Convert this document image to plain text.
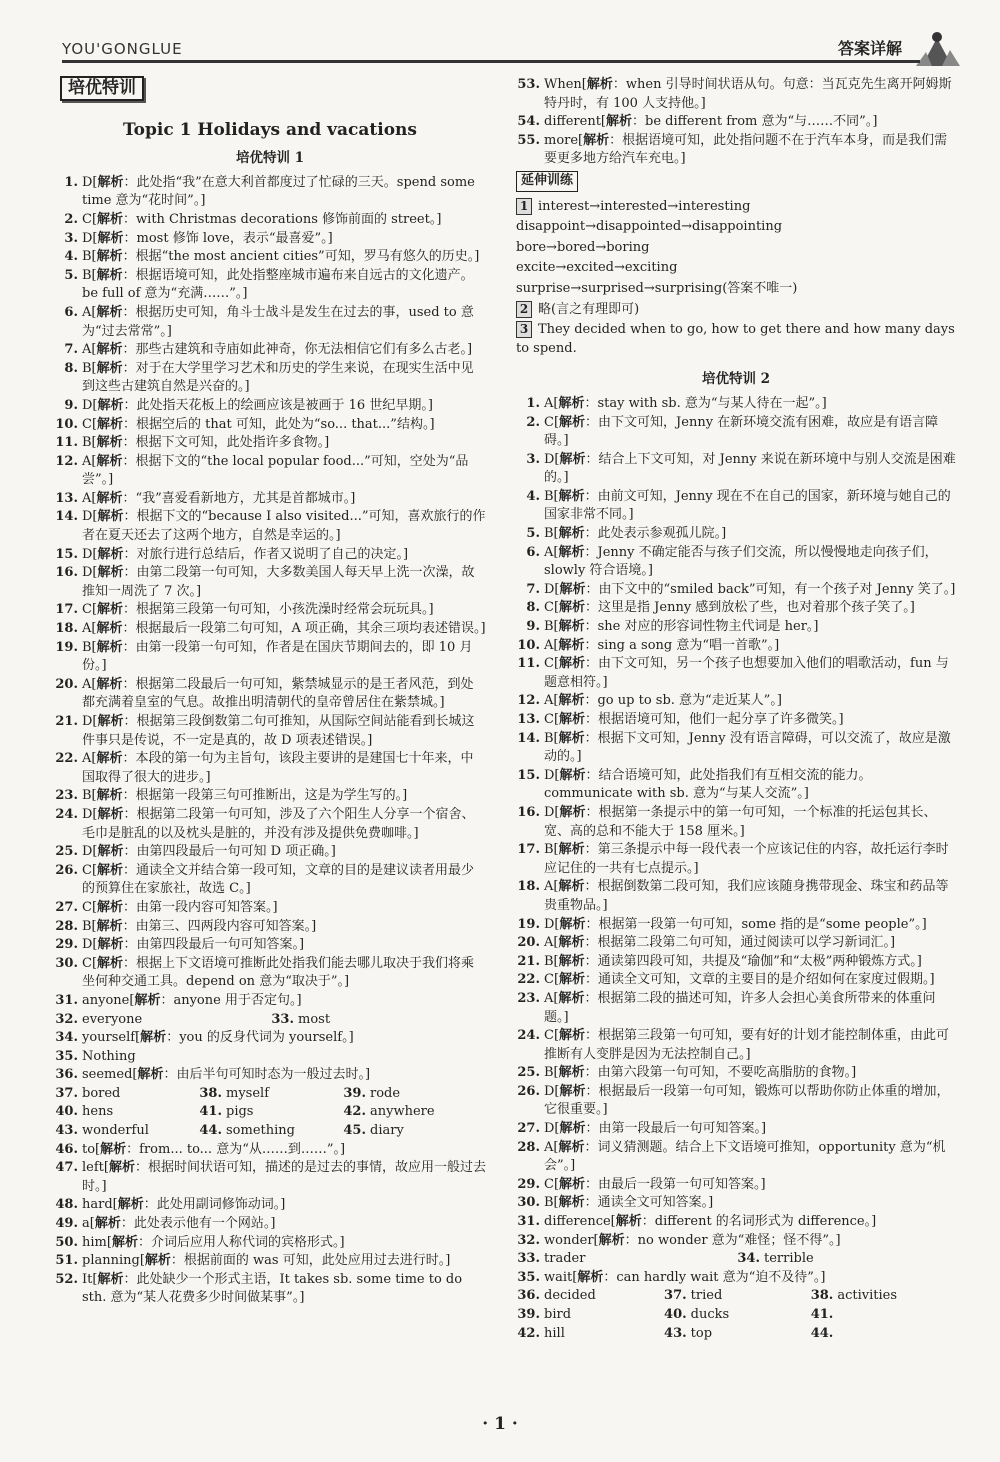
YOU'GONGLUE	答案详解
培优特训
Topic 1 Holidays and vacations
培优特训 1
1. D[解析：此处指“我”在意大利首都度过了忙碌的三天。spend some time 意为“花时间”。]
2. C[解析：with Christmas decorations 修饰前面的 street。]
3. D[解析：most 修饰 love，表示“最喜爱”。]
4. B[解析：根据“the most ancient cities”可知，罗马有悠久的历史。]
5. B[解析：根据语境可知，此处指整座城市遍布来自远古的文化遗产。be full of 意为“充满……”。]
6. A[解析：根据历史可知，角斗士战斗是发生在过去的事，used to 意为“过去常常”。]
7. A[解析：那些古建筑和寺庙如此神奇，你无法相信它们有多么古老。]
8. B[解析：对于在大学里学习艺术和历史的学生来说，在现实生活中见到这些古建筑自然是兴奋的。]
9. D[解析：此处指天花板上的绘画应该是被画于 16 世纪早期。]
10. C[解析：根据空后的 that 可知，此处为“so... that...”结构。]
11. B[解析：根据下文可知，此处指许多食物。]
12. A[解析：根据下文的“the local popular food...”可知，空处为“品尝”。]
13. A[解析：“我”喜爱看新地方，尤其是首都城市。]
14. D[解析：根据下文的“because I also visited...”可知，喜欢旅行的作者在夏天还去了这两个地方，自然是幸运的。]
15. D[解析：对旅行进行总结后，作者又说明了自己的决定。]
16. D[解析：由第二段第一句可知，大多数美国人每天早上洗一次澡，故推知一周洗了 7 次。]
17. C[解析：根据第三段第一句可知，小孩洗澡时经常会玩玩具。]
18. A[解析：根据最后一段第二句可知，A 项正确，其余三项均表述错误。]
19. B[解析：由第一段第一句可知，作者是在国庆节期间去的，即 10 月份。]
20. A[解析：根据第二段最后一句可知，紫禁城显示的是王者风范，到处都充满着皇室的气息。故推出明清朝代的皇帝曾居住在紫禁城。]
21. D[解析：根据第三段倒数第二句可推知，从国际空间站能看到长城这件事只是传说，不一定是真的，故 D 项表述错误。]
22. A[解析：本段的第一句为主旨句，该段主要讲的是建国七十年来，中国取得了很大的进步。]
23. B[解析：根据第一段第三句可推断出，这是为学生写的。]
24. D[解析：根据第二段第一句可知，涉及了六个阳生人分享一个宿舍、毛巾是脏乱的以及枕头是脏的，并没有涉及提供免费咖啡。]
25. D[解析：由第四段最后一句可知 D 项正确。]
26. C[解析：通读全文并结合第一段可知，文章的目的是建议读者用最少的预算住在家旅社，故选 C。]
27. C[解析：由第一段内容可知答案。]
28. B[解析：由第三、四两段内容可知答案。]
29. D[解析：由第四段最后一句可知答案。]
30. C[解析：根据上下文语境可推断此处指我们能去哪儿取决于我们将乘坐何种交通工具。depend on 意为“取决于”。]
31. anyone[解析：anyone 用于否定句。]
32. everyone	33. most
34. yourself[解析：you 的反身代词为 yourself。]
35. Nothing
36. seemed[解析：由后半句可知时态为一般过去时。]
37. bored	38. myself	39. rode
40. hens	41. pigs	42. anywhere
43. wonderful	44. something	45. diary
46. to[解析：from... to... 意为“从……到……”。]
47. left[解析：根据时间状语可知，描述的是过去的事情，故应用一般过去时。]
48. hard[解析：此处用副词修饰动词。]
49. a[解析：此处表示他有一个网站。]
50. him[解析：介词后应用人称代词的宾格形式。]
51. planning[解析：根据前面的 was 可知，此处应用过去进行时。]
52. It[解析：此处缺少一个形式主语，It takes sb. some time to do sth. 意为“某人花费多少时间做某事”。]
53. When[解析：when 引导时间状语从句。句意：当瓦克先生离开阿姆斯特丹时，有 100 人支持他。]
54. different[解析：be different from 意为“与……不同”。]
55. more[解析：根据语境可知，此处指问题不在于汽车本身，而是我们需要更多地方给汽车充电。]
延伸训练
1 interest→interested→interesting
disappoint→disappointed→disappointing
bore→bored→boring
excite→excited→exciting
surprise→surprised→surprising(答案不唯一)
2 略(言之有理即可)
3 They decided when to go, how to get there and how many days to spend.
培优特训 2
1. A[解析：stay with sb. 意为“与某人待在一起”。]
2. C[解析：由下文可知，Jenny 在新环境交流有困难，故应是有语言障碍。]
3. D[解析：结合上下文可知，对 Jenny 来说在新环境中与别人交流是困难的。]
4. B[解析：由前文可知，Jenny 现在不在自己的国家，新环境与她自己的国家非常不同。]
5. B[解析：此处表示参观孤儿院。]
6. A[解析：Jenny 不确定能否与孩子们交流，所以慢慢地走向孩子们，slowly 符合语境。]
7. D[解析：由下文中的“smiled back”可知，有一个孩子对 Jenny 笑了。]
8. C[解析：这里是指 Jenny 感到放松了些，也对着那个孩子笑了。]
9. B[解析：she 对应的形容词性物主代词是 her。]
10. A[解析：sing a song 意为“唱一首歌”。]
11. C[解析：由下文可知，另一个孩子也想要加入他们的唱歌活动，fun 与题意相符。]
12. A[解析：go up to sb. 意为“走近某人”。]
13. C[解析：根据语境可知，他们一起分享了许多微笑。]
14. B[解析：根据下文可知，Jenny 没有语言障碍，可以交流了，故应是激动的。]
15. D[解析：结合语境可知，此处指我们有互相交流的能力。communicate with sb. 意为“与某人交流”。]
16. D[解析：根据第一条提示中的第一句可知，一个标准的托运包其长、宽、高的总和不能大于 158 厘米。]
17. B[解析：第三条提示中每一段代表一个应该记住的内容，故托运行李时应记住的一共有七点提示。]
18. A[解析：根据倒数第二段可知，我们应该随身携带现金、珠宝和药品等贵重物品。]
19. D[解析：根据第一段第一句可知，some 指的是“some people”。]
20. A[解析：根据第二段第二句可知，通过阅读可以学习新词汇。]
21. B[解析：通读第四段可知，共提及“瑜伽”和“太极”两种锻炼方式。]
22. C[解析：通读全文可知，文章的主要目的是介绍如何在家度过假期。]
23. A[解析：根据第二段的描述可知，许多人会担心美食所带来的体重问题。]
24. C[解析：根据第三段第一句可知，要有好的计划才能控制体重，由此可推断有人变胖是因为无法控制自己。]
25. B[解析：由第六段第一句可知，不要吃高脂肪的食物。]
26. D[解析：根据最后一段第一句可知，锻炼可以帮助你防止体重的增加，它很重要。]
27. D[解析：由第一段最后一句可知答案。]
28. A[解析：词义猜测题。结合上下文语境可推知，opportunity 意为“机会”。]
29. C[解析：由最后一段第一句可知答案。]
30. B[解析：通读全文可知答案。]
31. difference[解析：different 的名词形式为 difference。]
32. wonder[解析：no wonder 意为“难怪；怪不得”。]
33. trader	34. terrible
35. wait[解析：can hardly wait 意为“迫不及待”。]
36. decided	37. tried	38. activities
39. bird	40. ducks	41.
42. hill	43. top	44.
· 1 ·
